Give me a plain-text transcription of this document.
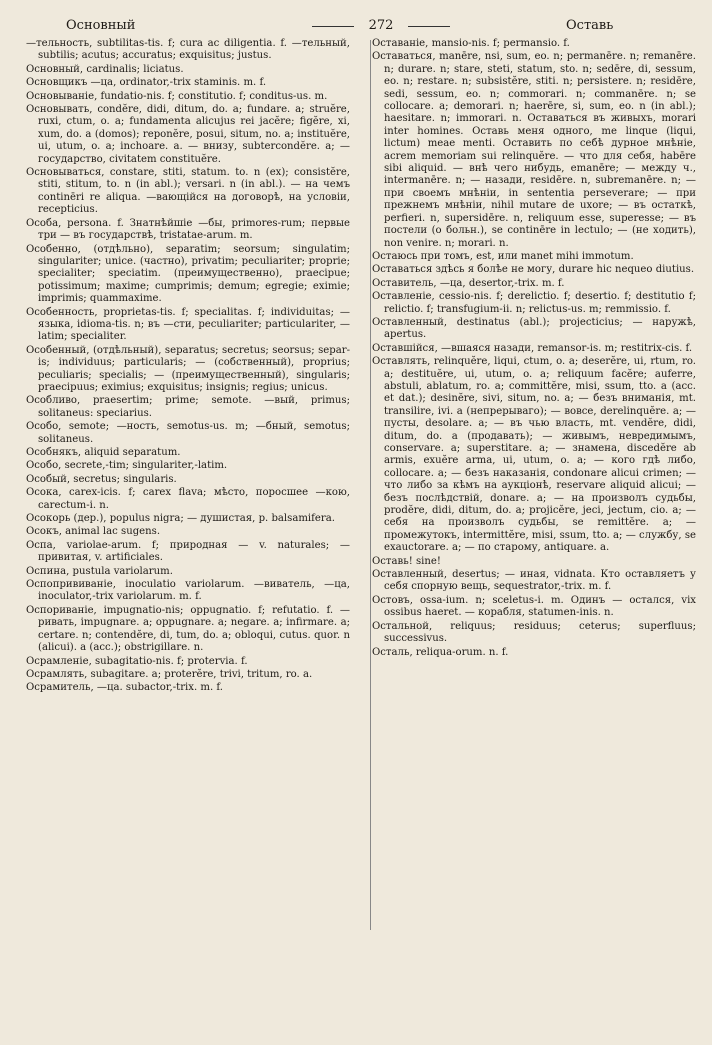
Основный	272	Оставь

—тельность, subtilitas-tis. f; cura ac diligentia. f. —тельный, subtilis; acutus; accuratus; exquisitus; justus.

Основный, cardinalis; liciatus.

Основщикъ —ца, ordinator,-trix staminis. m. f.

Основываніе, fundatio-nis. f; constitutio. f; conditus-us. m.

Основывать, condĕre, didi, ditum, do. a; fundare. a; struĕre, ruxi, ctum, o. a; fundamenta alicujus rei jacĕre; figĕre, xi, xum, do. a (domos); reponĕre, posui, situm, no. a; instituĕre, ui, utum, o. a; inchoare. a. — внизу, subtercondĕre. a; — государство, civitatem constituĕre.

Основываться, constare, stiti, statum. to. n (ex); consistĕre, stiti, stitum, to. n (in abl.); versari. n (in abl.). — на чемъ continēri re aliqua. —вающійся на договорѣ, на условіи, recepticius.

Особа, persona. f. Знатнѣйшіе —бы, primores-rum; первые три — въ государствѣ, tristatae-arum. m.

Особенно, (отдѣльно), separatim; seorsum; singulatim; singulariter; unice. (частно), privatim; peculiariter; proprie; specialiter; speciatim. (преимущественно), praecipue; potissimum; maxime; cumprimis; demum; egregie; eximie; imprimis; quammaxime.

Особенность, proprietas-tis. f; specialitas. f; individuitas; — языка, idioma-tis. n; въ —сти, peculiariter; particulariter, — latim; specialiter.

Особенный, (отдѣльный), separatus; secretus; seorsus; separ-is; individuus; particularis; — (собственный), proprius; peculiaris; specialis; — (преимущественный), singularis; praecipuus; eximius; exquisitus; insignis; regius; unicus.

Особливо, praesertim; prime; semote. —вый, primus; solitaneus: speciarius.

Особо, semote; —ность, semotus-us. m; —бный, semotus; solitaneus.

Особнякъ, aliquid separatum.

Особо, secrete,-tim; singulariter,-latim.

Особый, secretus; singularis.

Осока, carex-icis. f; carex flava; мѣсто, поросшее —кою, carectum-i. n.

Осокорь (дер.), populus nigra; — душистая, p. balsamifera.

Осокъ, animal lac sugens.

Оспа, variolae-arum. f; природная — v. naturales; — привитая, v. artificiales.

Оспина, pustula variolarum.

Оспопрививаніе, inoculatio variolarum. —виватель, —ца, inoculator,-trix variolarum. m. f.

Оспориваніе, impugnatio-nis; oppugnatio. f; refutatio. f. —ривать, impugnare. a; oppugnare. a; negare. a; infirmare. a; certare. n; contendĕre, di, tum, do. a; obloqui, cutus. quor. n (alicui). a (acc.); obstrigillare. n.

Осрамленіе, subagitatio-nis. f; protervia. f.

Осрамлять, subagitare. a; proterĕre, trivi, tritum, ro. a.

Осрамитель, —ца. subactor,-trix. m. f.

Оставаніе, mansio-nis. f; permansio. f.

Оставаться, manēre, nsi, sum, eo. n; permanēre. n; remanēre. n; durare. n; stare, steti, statum, sto. n; sedēre, di, sessum, eo. n; restare. n; subsistĕre, stiti. n; persistere. n; residēre, sedi, sessum, eo. n; commorari. n; commanēre. n; se collocare. a; demorari. n; haerēre, si, sum, eo. n (in abl.); haesitare. n; immorari. n. Оставаться въ живыхъ, morari inter homines. Оставь меня одного, me linque (liqui, lictum) meae menti. Оставить по себѣ дурное мнѣніе, acrem memoriam sui relinquĕre. — что для себя, habēre sibi aliquid. — внѣ чего нибудь, emanēre; — между ч., intermanēre. n; — назади, residēre. n, subremanēre. n; — при своемъ мнѣніи, in sententia perseverare; — при прежнемъ мнѣніи, nihil mutare de uxore; — въ остаткѣ, perfieri. n, supersidēre. n, reliquum esse, superesse; — въ постели (о больн.), se continēre in lectulo; — (не ходить), non venire. n; morari. n.

Остаюсь при томъ, est, или manet mihi immotum.

Оставаться здѣсь я болѣе не могу, durare hic nequeo diutius.

Оставитель, —ца, desertor,-trix. m. f.

Оставленіе, cessio-nis. f; derelictio. f; desertio. f; destitutio f; relictio. f; transfugium-ii. n; relictus-us. m; remmissio. f.

Оставленный, destinatus (abl.); projecticius; — наружѣ, apertus.

Оставшійся, —вшаяся назади, remansor-is. m; restitrix-cis. f.

Оставлять, relinquĕre, liqui, ctum, o. a; deserĕre, ui, rtum, ro. a; destituĕre, ui, utum, o. a; reliquum facĕre; auferre, abstuli, ablatum, ro. a; committĕre, misi, ssum, tto. a (acc. et dat.); desinĕre, sivi, situm, no. a; — безъ вниманія, mt. transilire, ivi. a (непрерываго); — вовсе, derelinquĕre. a; — пусты, desolare. a; — въ чью власть, mt. vendĕre, didi, ditum, do. a (продавать); — живымъ, невредимымъ, conservare. a; superstitare. a; — знамена, discedĕre ab armis, exuĕre arma, ui, utum, o. a; — кого гдѣ либо, collocare. a; — безъ наказанія, condonare alicui crimen; — что либо за кѣмъ на аукціонѣ, reservare aliquid alicui; — безъ послѣдствій, donare. a; — на произволъ судьбы, prodĕre, didi, ditum, do. a; projicĕre, jeci, jectum, cio. a; — себя на произволъ судьбы, se remittĕre. a; — промежутокъ, intermittĕre, misi, ssum, tto. a; — службу, se exauctorare. a; — по старому, antiquare. a.

Оставь! sine!

Оставленный, desertus; — иная, vidnata. Кто оставляетъ у себя спорную вещь, sequestrator,-trix. m. f.

Остовъ, ossa-ium. n; sceletus-i. m. Одинъ — остался, vix ossibus haeret. — корабля, statumen-inis. n.

Остальной, reliquus; residuus; ceterus; superfluus; successivus.

Осталь, reliqua-orum. n. f.
